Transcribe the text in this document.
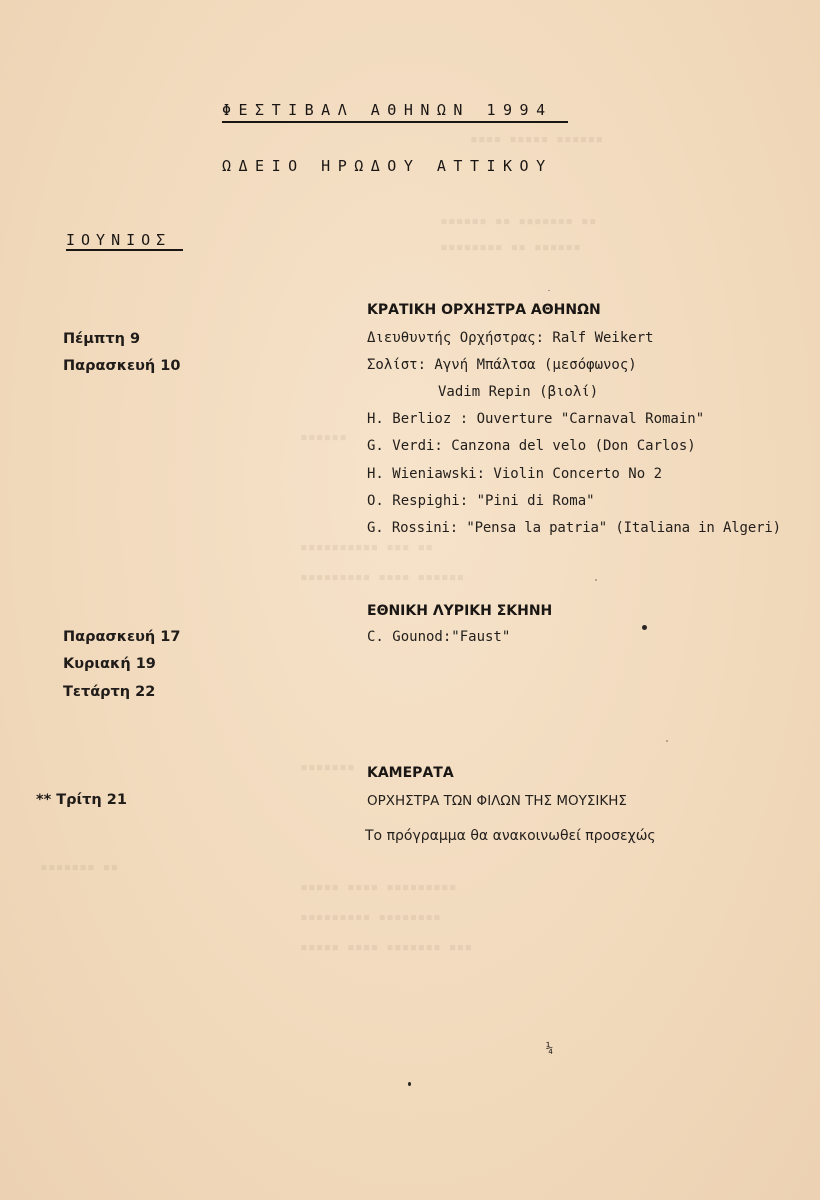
▪▪▪▪ ▪▪▪▪▪ ▪▪▪▪▪▪
▪▪▪▪▪▪ ▪▪ ▪▪▪▪▪▪▪ ▪▪
▪▪▪▪▪▪▪▪ ▪▪ ▪▪▪▪▪▪
▪▪▪▪▪▪
▪▪▪▪▪▪▪▪▪▪ ▪▪▪ ▪▪
▪▪▪▪▪▪▪▪▪ ▪▪▪▪ ▪▪▪▪▪▪
▪▪▪▪▪▪▪
▪▪▪▪▪ ▪▪▪▪ ▪▪▪▪▪▪▪▪▪
▪▪▪▪▪▪▪▪▪ ▪▪▪▪▪▪▪▪
▪▪▪▪▪ ▪▪▪▪ ▪▪▪▪▪▪▪ ▪▪▪
▪▪▪▪▪▪▪ ▪▪
ΦΕΣΤΙΒΑΛ ΑΘΗΝΩΝ 1994
ΩΔΕΙΟ ΗΡΩΔΟΥ ΑΤΤΙΚΟΥ
ΙΟΥΝΙΟΣ
ΚΡΑΤΙΚΗ ΟΡΧΗΣΤΡΑ ΑΘΗΝΩΝ
Πέμπτη 9
Παρασκευή 10
Διευθυντής Ορχήστρας: Ralf Weikert
Σολίστ: Αγνή Μπάλτσα (μεσόφωνος)
Vadim Repin (βιολί)
H. Berlioz : Ouverture "Carnaval Romain"
G. Verdi: Canzona del velo (Don Carlos)
H. Wieniawski: Violin Concerto No 2
O. Respighi: "Pini di Roma"
G. Rossini: "Pensa la patria" (Italiana in Algeri)
ΕΘΝΙΚΗ ΛΥΡΙΚΗ ΣΚΗΝΗ
Παρασκευή 17
Κυριακή 19
Τετάρτη 22
C. Gounod:"Faust"
ΚΑΜΕΡΑΤΑ
** Τρίτη 21	ΟΡΧΗΣΤΡΑ ΤΩΝ ΦΙΛΩΝ ΤΗΣ ΜΟΥΣΙΚΗΣ
Το πρόγραμμα θα ανακοινωθεί προσεχώς
¼
